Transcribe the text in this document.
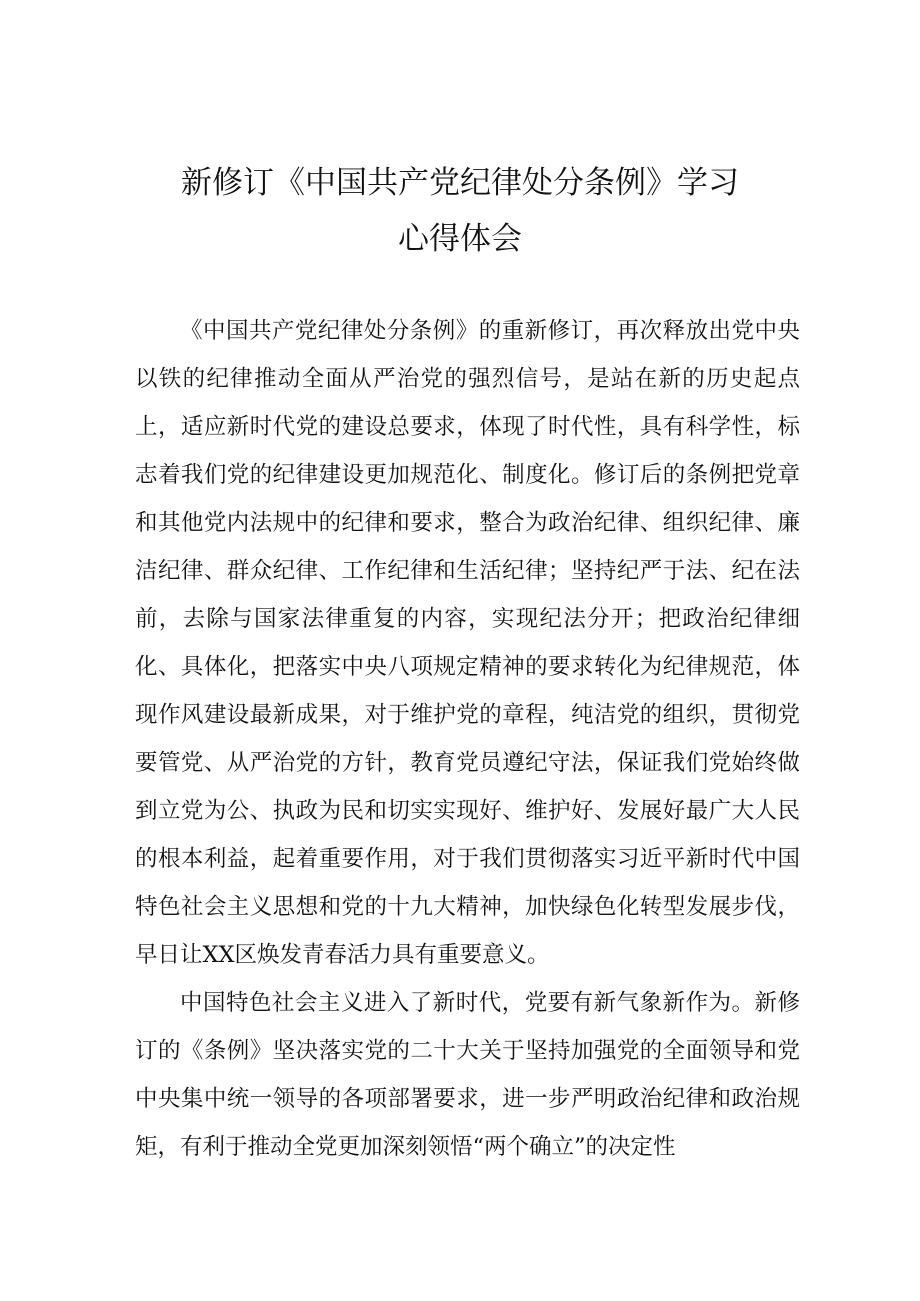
新修订《中国共产党纪律处分条例》学习
心得体会

《中国共产党纪律处分条例》的重新修订，再次释放出党中央以铁的纪律推动全面从严治党的强烈信号，是站在新的历史起点上，适应新时代党的建设总要求，体现了时代性，具有科学性，标志着我们党的纪律建设更加规范化、制度化。修订后的条例把党章和其他党内法规中的纪律和要求，整合为政治纪律、组织纪律、廉洁纪律、群众纪律、工作纪律和生活纪律；坚持纪严于法、纪在法前，去除与国家法律重复的内容，实现纪法分开；把政治纪律细化、具体化，把落实中央八项规定精神的要求转化为纪律规范，体现作风建设最新成果，对于维护党的章程，纯洁党的组织，贯彻党要管党、从严治党的方针，教育党员遵纪守法，保证我们党始终做到立党为公、执政为民和切实实现好、维护好、发展好最广大人民的根本利益，起着重要作用，对于我们贯彻落实习近平新时代中国特色社会主义思想和党的十九大精神，加快绿色化转型发展步伐，早日让XX区焕发青春活力具有重要意义。

中国特色社会主义进入了新时代，党要有新气象新作为。新修订的《条例》坚决落实党的二十大关于坚持加强党的全面领导和党中央集中统一领导的各项部署要求，进一步严明政治纪律和政治规矩，有利于推动全党更加深刻领悟“两个确立”的决定性
